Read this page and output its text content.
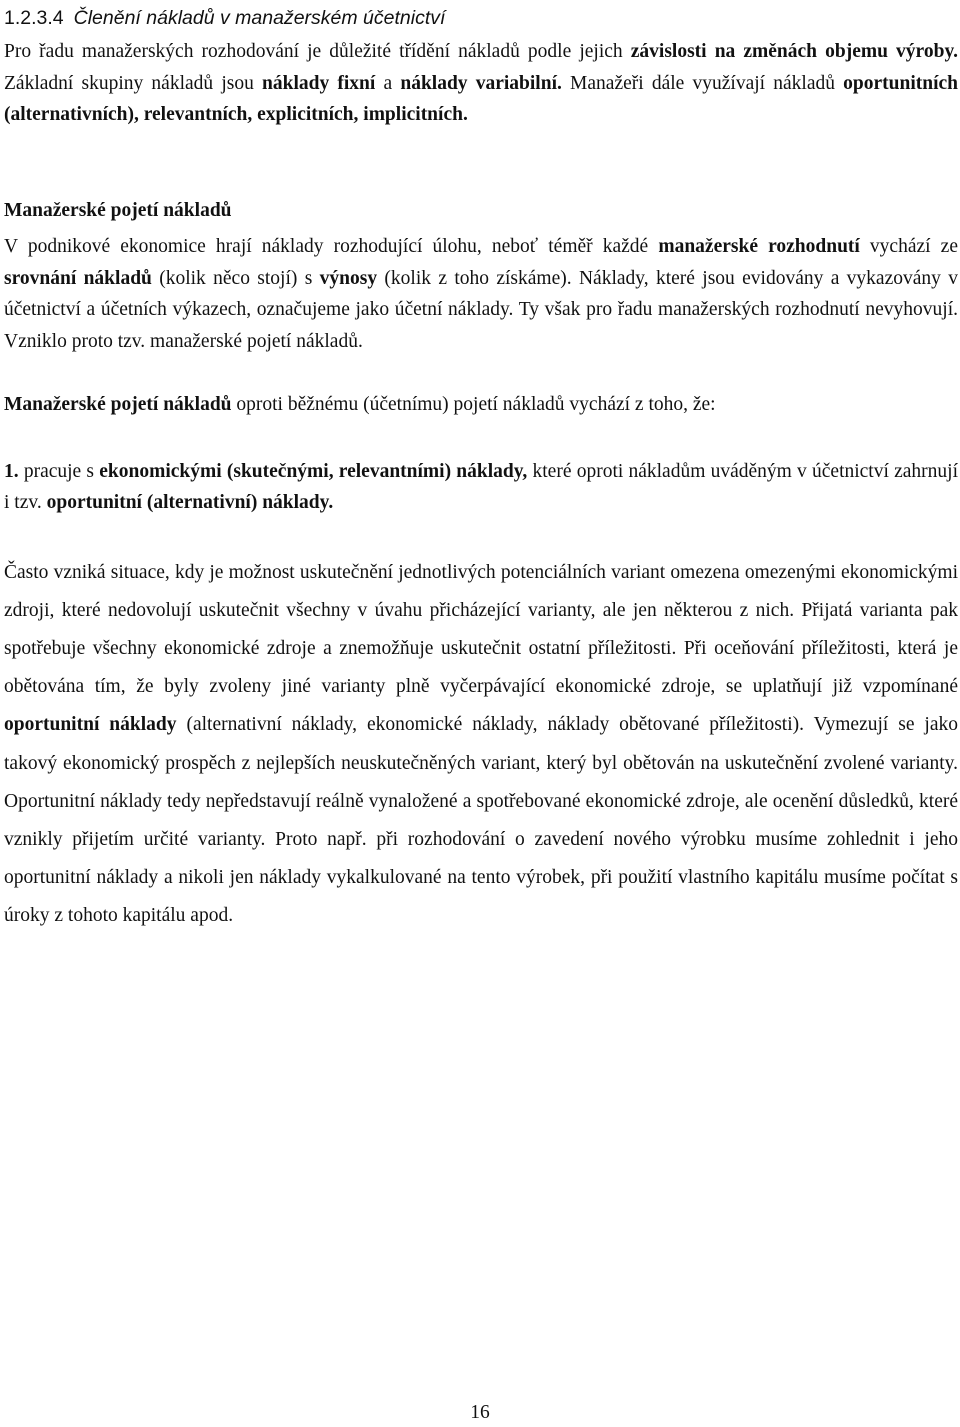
1.2.3.4 Členění nákladů v manažerském účetnictví

Pro řadu manažerských rozhodování je důležité třídění nákladů podle jejich závislosti na změnách objemu výroby. Základní skupiny nákladů jsou náklady fixní a náklady variabilní. Manažeři dále využívají nákladů oportunitních (alternativních), relevantních, explicitních, implicitních.

Manažerské pojetí nákladů

V podnikové ekonomice hrají náklady rozhodující úlohu, neboť téměř každé manažerské rozhodnutí vychází ze srovnání nákladů (kolik něco stojí) s výnosy (kolik z toho získáme). Náklady, které jsou evidovány a vykazovány v účetnictví a účetních výkazech, označujeme jako účetní náklady. Ty však pro řadu manažerských rozhodnutí nevyhovují. Vzniklo proto tzv. manažerské pojetí nákladů.

Manažerské pojetí nákladů oproti běžnému (účetnímu) pojetí nákladů vychází z toho, že:

1. pracuje s ekonomickými (skutečnými, relevantními) náklady, které oproti nákladům uváděným v účetnictví zahrnují i tzv. oportunitní (alternativní) náklady.

Často vzniká situace, kdy je možnost uskutečnění jednotlivých potenciálních variant omezena omezenými ekonomickými zdroji, které nedovolují uskutečnit všechny v úvahu přicházející varianty, ale jen některou z nich. Přijatá varianta pak spotřebuje všechny ekonomické zdroje a znemožňuje uskutečnit ostatní příležitosti. Při oceňování příležitosti, která je obětována tím, že byly zvoleny jiné varianty plně vyčerpávající ekonomické zdroje, se uplatňují již vzpomínané oportunitní náklady (alternativní náklady, ekonomické náklady, náklady obětované příležitosti). Vymezují se jako takový ekonomický prospěch z nejlepších neuskutečněných variant, který byl obětován na uskutečnění zvolené varianty. Oportunitní náklady tedy nepředstavují reálně vynaložené a spotřebované ekonomické zdroje, ale ocenění důsledků, které vznikly přijetím určité varianty. Proto např. při rozhodování o zavedení nového výrobku musíme zohlednit i jeho oportunitní náklady a nikoli jen náklady vykalkulované na tento výrobek, při použití vlastního kapitálu musíme počítat s úroky z tohoto kapitálu apod.

16
